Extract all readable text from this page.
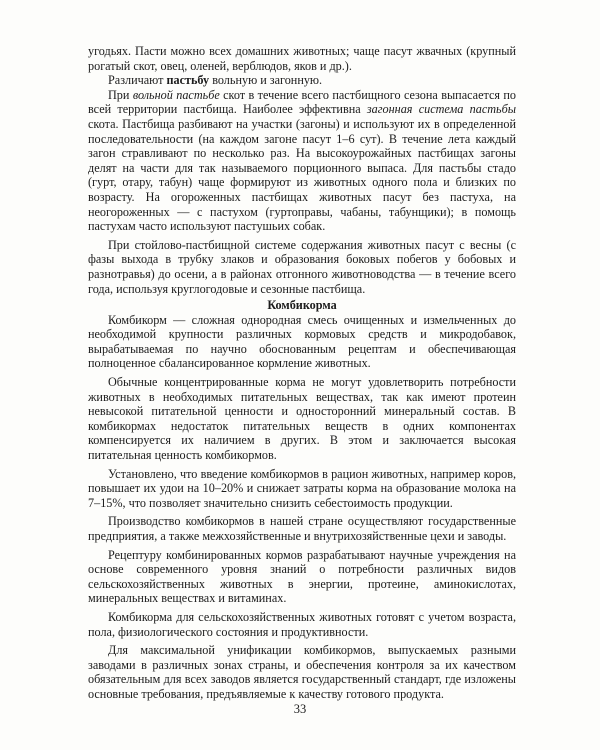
угодьях. Пасти можно всех домашних животных; чаще пасут жвачных (крупный рогатый скот, овец, оленей, верблюдов, яков и др.).

Различают пастьбу вольную и загонную.

При вольной пастьбе скот в течение всего пастбищного сезона выпасается по всей территории пастбища. Наиболее эффективна загонная система пастьбы скота. Пастбища разбивают на участки (загоны) и используют их в определенной последовательности (на каждом загоне пасут 1–6 сут). В течение лета каждый загон стравливают по несколько раз. На высокоурожайных пастбищах загоны делят на части для так называемого порционного выпаса. Для пастьбы стадо (гурт, отару, табун) чаще формируют из животных одного пола и близких по возрасту. На огороженных пастбищах животных пасут без пастуха, на неогороженных — с пастухом (гуртоправы, чабаны, табунщики); в помощь пастухам часто используют пастушьих собак.

При стойлово-пастбищной системе содержания животных пасут с весны (с фазы выхода в трубку злаков и образования боковых побегов у бобовых и разнотравья) до осени, а в районах отгонного животноводства — в течение всего года, используя круглогодовые и сезонные пастбища.

Комбикорма

Комбикорм — сложная однородная смесь очищенных и измельченных до необходимой крупности различных кормовых средств и микродобавок, вырабатываемая по научно обоснованным рецептам и обеспечивающая полноценное сбалансированное кормление животных.

Обычные концентрированные корма не могут удовлетворить потребности животных в необходимых питательных веществах, так как имеют протеин невысокой питательной ценности и односторонний минеральный состав. В комбикормах недостаток питательных веществ в одних компонентах компенсируется их наличием в других. В этом и заключается высокая питательная ценность комбикормов.

Установлено, что введение комбикормов в рацион животных, например коров, повышает их удои на 10–20% и снижает затраты корма на образование молока на 7–15%, что позволяет значительно снизить себестоимость продукции.

Производство комбикормов в нашей стране осуществляют государственные предприятия, а также межхозяйственные и внутрихозяйственные цехи и заводы.

Рецептуру комбинированных кормов разрабатывают научные учреждения на основе современного уровня знаний о потребности различных видов сельскохозяйственных животных в энергии, протеине, аминокислотах, минеральных веществах и витаминах.

Комбикорма для сельскохозяйственных животных готовят с учетом возраста, пола, физиологического состояния и продуктивности.

Для максимальной унификации комбикормов, выпускаемых разными заводами в различных зонах страны, и обеспечения контроля за их качеством обязательным для всех заводов является государственный стандарт, где изложены основные требования, предъявляемые к качеству готового продукта.

33
